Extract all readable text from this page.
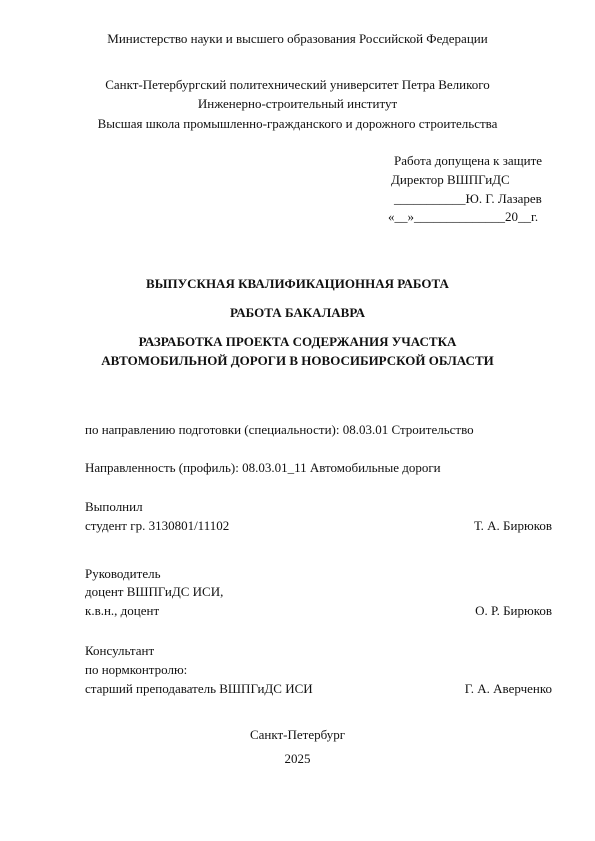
Министерство науки и высшего образования Российской Федерации
Санкт-Петербургский политехнический университет Петра Великого
Инженерно-строительный институт
Высшая школа промышленно-гражданского и дорожного строительства
Работа допущена к защите
Директор ВШПГиДС
___________Ю. Г. Лазарев
«__»______________20__г.
ВЫПУСКНАЯ КВАЛИФИКАЦИОННАЯ РАБОТА
РАБОТА БАКАЛАВРА
РАЗРАБОТКА ПРОЕКТА СОДЕРЖАНИЯ УЧАСТКА
АВТОМОБИЛЬНОЙ ДОРОГИ В НОВОСИБИРСКОЙ ОБЛАСТИ
по направлению подготовки (специальности): 08.03.01 Строительство
Направленность (профиль): 08.03.01_11 Автомобильные дороги
Выполнил
студент гр. 3130801/11102	Т. А. Бирюков
Руководитель
доцент ВШПГиДС ИСИ,
к.в.н., доцент	О. Р. Бирюков
Консультант
по нормконтролю:
старший преподаватель ВШПГиДС ИСИ	Г. А. Аверченко
Санкт-Петербург
2025
